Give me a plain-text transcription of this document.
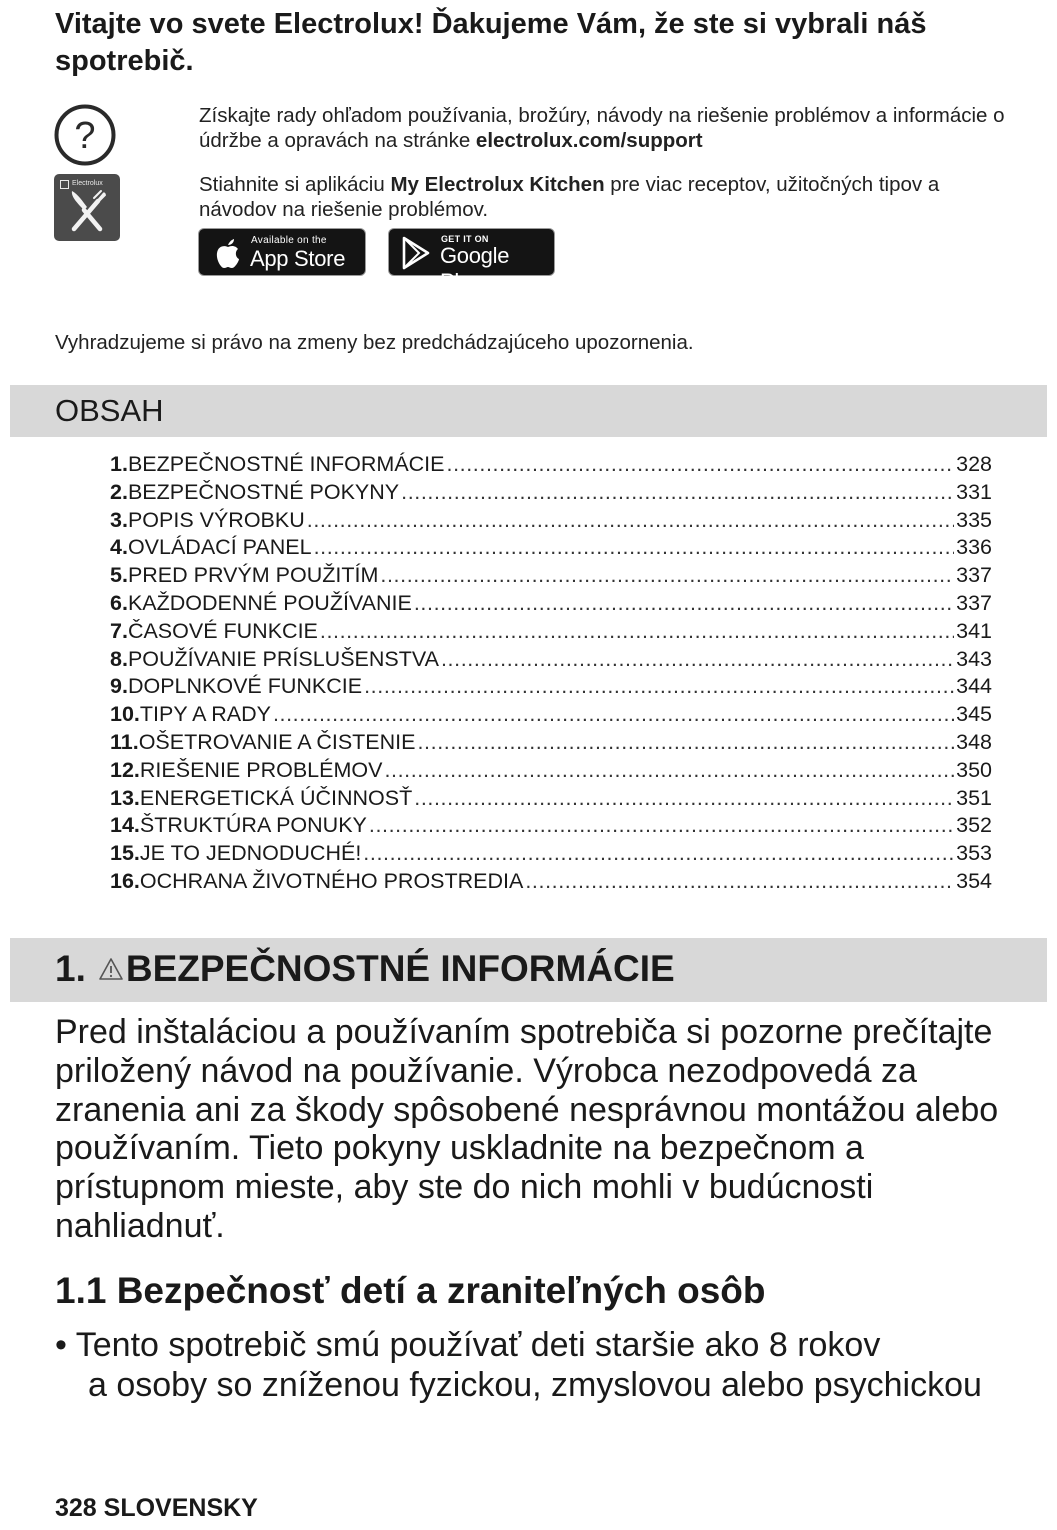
Vitajte vo svete Electrolux! Ďakujeme Vám, že ste si vybrali náš spotrebič.

?	Získajte rady ohľadom používania, brožúry, návody na riešenie problémov a informácie o údržbe a opravách na stránke electrolux.com/support

Electrolux	Stiahnite si aplikáciu My Electrolux Kitchen pre viac receptov, užitočných tipov a návodov na riešenie problémov.

Available on the
App Store
GET IT ON
Google Play

Vyhradzujeme si právo na zmeny bez predchádzajúceho upozornenia.

OBSAH
1. BEZPEČNOSTNÉ INFORMÁCIE .....	328
2. BEZPEČNOSTNÉ POKYNY .....	331
3. POPIS VÝROBKU .....	335
4. OVLÁDACÍ PANEL .....	336
5. PRED PRVÝM POUŽITÍM .....	337
6. KAŽDODENNÉ POUŽÍVANIE .....	337
7. ČASOVÉ FUNKCIE .....	341
8. POUŽÍVANIE PRÍSLUŠENSTVA .....	343
9. DOPLNKOVÉ FUNKCIE .....	344
10. TIPY A RADY .....	345
11. OŠETROVANIE A ČISTENIE .....	348
12. RIEŠENIE PROBLÉMOV .....	350
13. ENERGETICKÁ ÚČINNOSŤ .....	351
14. ŠTRUKTÚRA PONUKY .....	352
15. JE TO JEDNODUCHÉ! .....	353
16. OCHRANA ŽIVOTNÉHO PROSTREDIA .....	354
1. BEZPEČNOSTNÉ INFORMÁCIE

Pred inštaláciou a používaním spotrebiča si pozorne prečítajte priložený návod na používanie. Výrobca nezodpovedá za zranenia ani za škody spôsobené nesprávnou montážou alebo používaním. Tieto pokyny uskladnite na bezpečnom a prístupnom mieste, aby ste do nich mohli v budúcnosti nahliadnuť.

1.1 Bezpečnosť detí a zraniteľných osôb

• Tento spotrebič smú používať deti staršie ako 8 rokov
a osoby so zníženou fyzickou, zmyslovou alebo psychickou

328 SLOVENSKY
